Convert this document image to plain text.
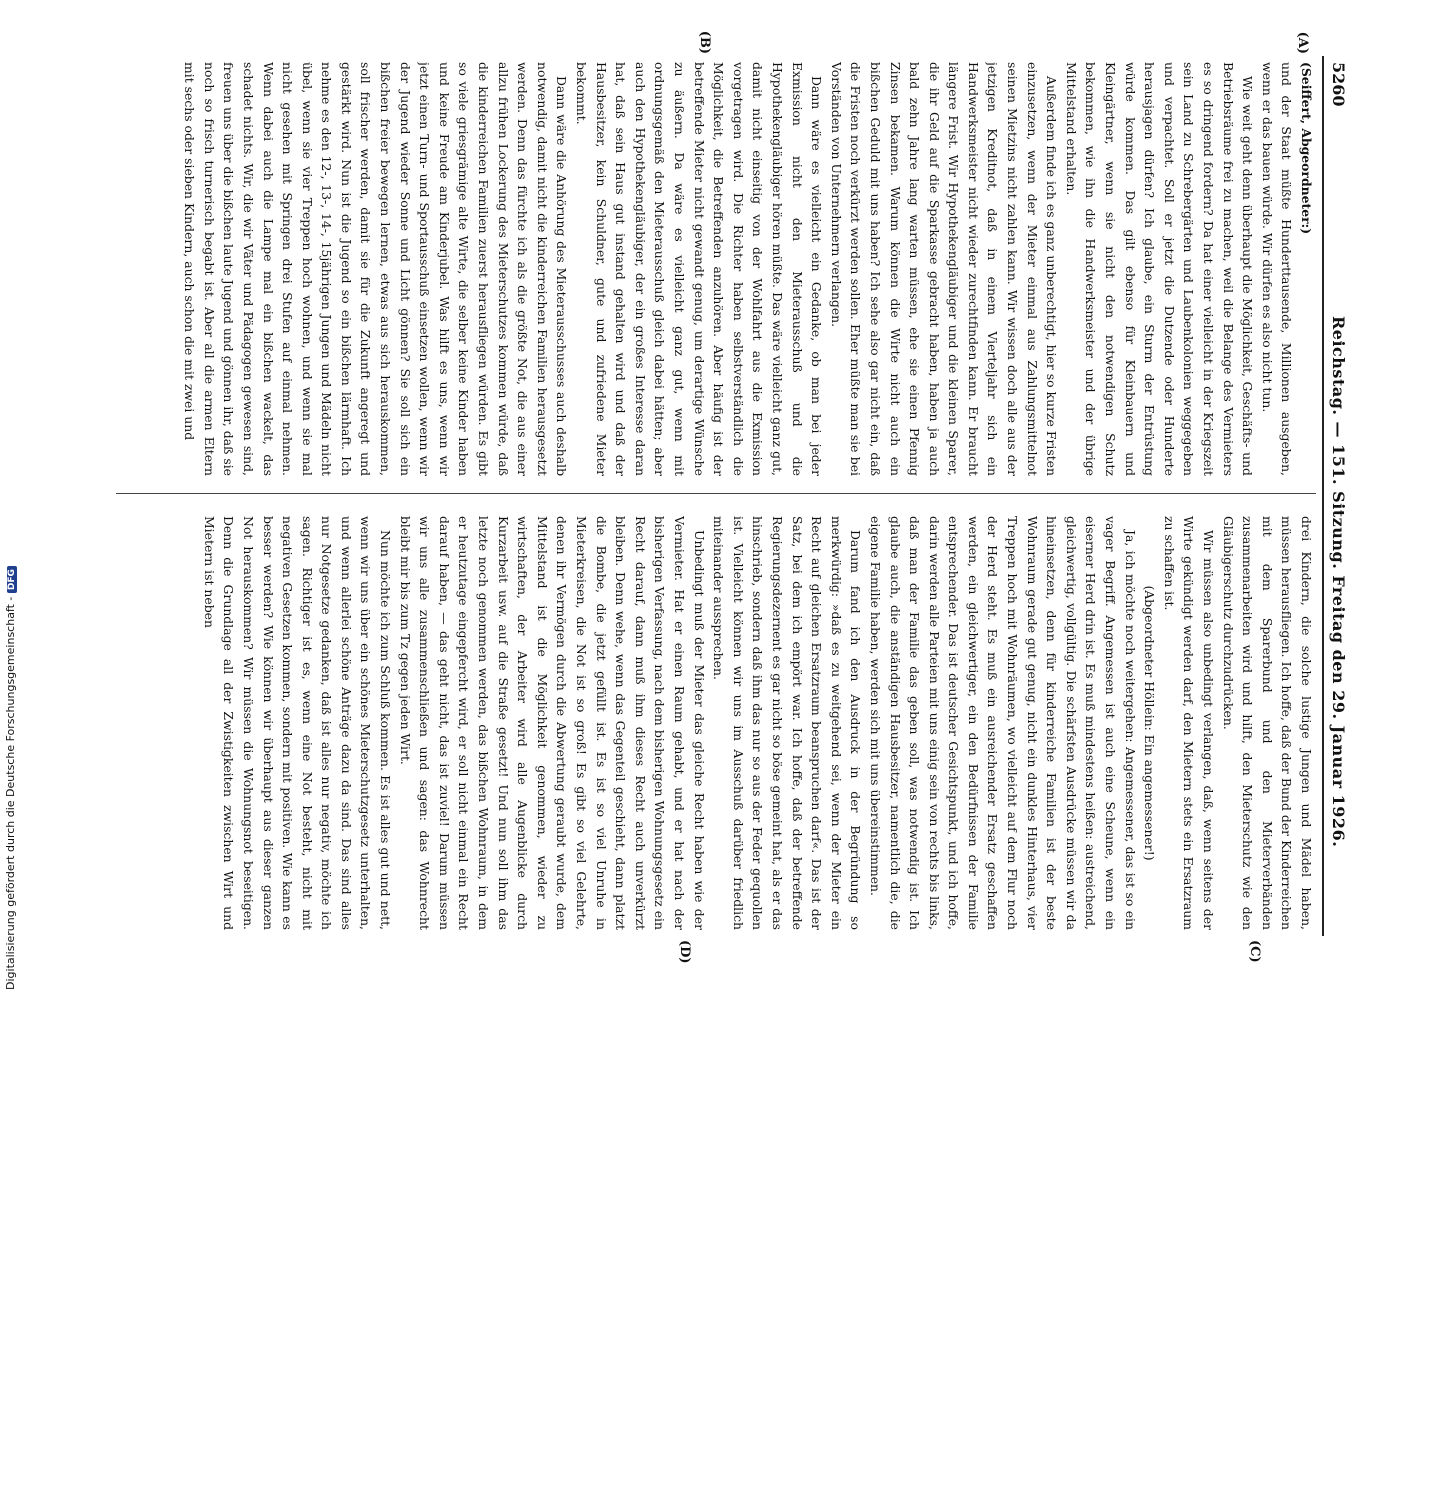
Digitalisierung gefördert durch die Deutsche Forschungsgemeinschaft - DFG
5260
Reichstag. — 151. Sitzung. Freitag den 29. Januar 1926.

(Seiffert, Abgeordneter:)

und der Staat müßte Hunderttausende, Millionen ausgeben, wenn er das bauen würde. Wir dürfen es also nicht tun.

Wie weit geht denn überhaupt die Möglichkeit, Geschäfts- und Betriebsräume frei zu machen, weil die Belange des Vermieters es so dringend fordern? Da hat einer vielleicht in der Kriegszeit sein Land zu Schrebergärten und Laubenkolonien weggegeben und verpachtet. Soll er jetzt die Dutzende oder Hunderte herausjagen dürfen? Ich glaube, ein Sturm der Entrüstung würde kommen. Das gilt ebenso für Kleinbauern und Kleingärtner, wenn sie nicht den notwendigen Schutz bekommen, wie ihn die Handwerksmeister und der übrige Mittelstand erhalten.

Außerdem finde ich es ganz unberechtigt, hier so kurze Fristen einzusetzen, wenn der Mieter einmal aus Zahlungsmittelnot seinen Mietzins nicht zahlen kann. Wir wissen doch alle aus der jetzigen Kreditnot, daß in einem Vierteljahr sich ein Handwerksmeister nicht wieder zurechtfinden kann. Er braucht längere Frist. Wir Hypothekengläubiger und die kleinen Sparer, die ihr Geld auf die Sparkasse gebracht haben, haben ja auch bald zehn Jahre lang warten müssen, ehe sie einen Pfennig Zinsen bekamen. Warum können die Wirte nicht auch ein bißchen Geduld mit uns haben? Ich sehe also gar nicht ein, daß die Fristen noch verkürzt werden sollen. Eher müßte man sie bei Vorständen von Unternehmern verlangen.

Dann wäre es vielleicht ein Gedanke, ob man bei jeder Exmission nicht den Mieterausschuß und die Hypothekengläubiger hören müßte. Das wäre vielleicht ganz gut, damit nicht einseitig von der Wohlfahrt aus die Exmission vorgetragen wird. Die Richter haben selbstverständlich die Möglichkeit, die Betreffenden anzuhören. Aber häufig ist der betreffende Mieter nicht gewandt genug, um derartige Wünsche zu äußern. Da wäre es vielleicht ganz gut, wenn mit ordnungsgemäß den Mieterausschuß gleich dabei hätten; aber auch den Hypothekengläubiger, der ein großes Interesse daran hat, daß sein Haus gut instand gehalten wird und daß der Hausbesitzer, kein Schuldner, gute und zufriedene Mieter bekommt.

Dann wäre die Anhörung des Mieterausschusses auch deshalb notwendig, damit nicht die kinderreichen Familien herausgesetzt werden. Denn das fürchte ich als die größte Not, die aus einer allzu frühen Lockerung des Mieterschutzes kommen würde, daß die kinderreichen Familien zuerst herausfliegen würden. Es gibt so viele griesgrämige alte Wirte, die selber keine Kinder haben und keine Freude am Kinderjubel. Was hilft es uns, wenn wir jetzt einen Turn- und Sportausschuß einsetzen wollen, wenn wir der Jugend wieder Sonne und Licht gönnen? Sie soll sich ein bißchen freier bewegen lernen, etwas aus sich herauskommen, soll frischer werden, damit sie für die Zukunft angeregt und gestärkt wird. Nun ist die Jugend so ein bißchen lärmhaft. Ich nehme es den 12-, 13-, 14-, 15jährigen Jungen und Mädeln nicht übel, wenn sie vier Treppen hoch wohnen, und wenn sie mal nicht gesehen mit Springen drei Stufen auf einmal nehmen. Wenn dabei auch die Lampe mal ein bißchen wackelt, das schadet nichts. Wir, die wir Väter und Pädagogen gewesen sind, freuen uns über die bißchen laute Jugend und gönnen ihr, daß sie noch so frisch turnerisch begabt ist. Aber all die armen Eltern mit sechs oder sieben Kindern, auch schon die mit zwei und

drei Kindern, die solche lustige Jungen und Mädel haben, müssen herausfliegen. Ich hoffe, daß der Bund der Kinderreichen mit dem Sparerbund und den Mieterverbänden zusammenarbeiten wird und hilft, den Mieterschutz wie den Gläubigerschutz durchzudrücken.

Wir müssen also unbedingt verlangen, daß, wenn seitens der Wirte gekündigt werden darf, den Mietern stets ein Ersatzraum zu schaffen ist.

(Abgeordneter Höllein: Ein angemessener!)

Ja, ich möchte noch weitergehen: Angemessener, das ist so ein vager Begriff. Angemessen ist auch eine Scheune, wenn ein eiserner Herd drin ist. Es muß mindestens heißen: austreichend, gleichwertig, vollgültig. Die schärfsten Ausdrücke müssen wir da hineinsetzen, denn für kinderreiche Familien ist der beste Wohnraum gerade gut genug, nicht ein dunkles Hinterhaus, vier Treppen hoch mit Wohnräumen, wo vielleicht auf dem Flur noch der Herd steht. Es muß ein ausreichender Ersatz geschaffen werden, ein gleichwertiger, ein den Bedürfnissen der Familie entsprechender. Das ist deutscher Gesichtspunkt, und ich hoffe, darin werden alle Parteien mit uns einig sein von rechts bis links, daß man der Familie das geben soll, was notwendig ist. Ich glaube auch, die anständigen Hausbesitzer, namentlich die, die eigene Familie haben, werden sich mit uns übereinstimmen.

Darum fand ich den Ausdruck in der Begründung so merkwürdig: »daß es zu weitgehend sei, wenn der Mieter ein Recht auf gleichen Ersatzraum beanspruchen darf«. Das ist der Satz, bei dem ich empört war. Ich hoffe, daß der betreffende Regierungsdezernent es gar nicht so böse gemeint hat, als er das hinschrieb, sondern daß ihm das nur so aus der Feder gequollen ist. Vielleicht können wir uns im Ausschuß darüber friedlich miteinander aussprechen.

Unbedingt muß der Mieter das gleiche Recht haben wie der Vermieter. Hat er einen Raum gehabt, und er hat nach der bisherigen Verfassung, nach dem bisherigen Wohnungsgesetz ein Recht darauf, dann muß ihm dieses Recht auch unverkürzt bleiben. Denn wehe, wenn das Gegenteil geschieht, dann platzt die Bombe, die jetzt gefüllt ist. Es ist so viel Unruhe in Mieterkreisen, die Not ist so groß! Es gibt so viel Gelehrte, denen ihr Vermögen durch die Abwertung geraubt wurde, dem Mittelstand ist die Möglichkeit genommen, wieder zu wirtschaften, der Arbeiter wird alle Augenblicke durch Kurzarbeit usw. auf die Straße gesetzt! Und nun soll ihm das letzte noch genommen werden, das bißchen Wohnraum, in dem er heutzutage eingepfercht wird, er soll nicht einmal ein Recht darauf haben, — das geht nicht, das ist zuviel! Darum müssen wir uns alle zusammenschließen und sagen: das Wohnrecht bleibt mir bis zum Tz gegen jeden Wirt.

Nun möchte ich zum Schluß kommen. Es ist alles gut und nett, wenn wir uns über ein schönes Mieterschutzgesetz unterhalten, und wenn allerlei schöne Anträge dazu da sind. Das sind alles nur Notgesetze gedanken, daß ist alles nur negativ, möchte ich sagen. Richtiger ist es, wenn eine Not besteht, nicht mit negativen Gesetzen kommen, sondern mit positiven. Wie kann es besser werden? Wie können wir überhaupt aus dieser ganzen Not herauskommen? Wir müssen die Wohnungsnot beseitigen. Denn die Grundlage all der Zwistigkeiten zwischen Wirt und Mietern ist neben

(A)
(B)
(C)
(D)
